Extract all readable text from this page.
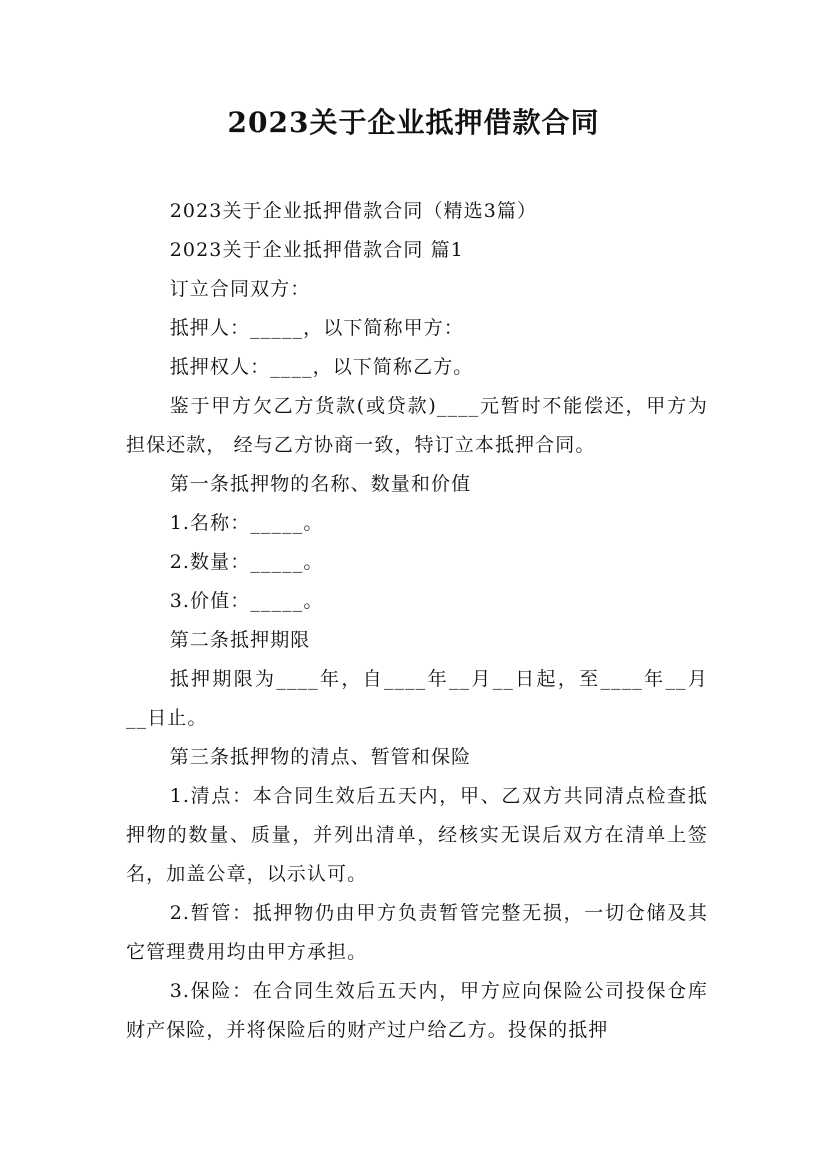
2023关于企业抵押借款合同

2023关于企业抵押借款合同（精选3篇）

2023关于企业抵押借款合同 篇1

订立合同双方：

抵押人：_____，以下简称甲方：

抵押权人：____，以下简称乙方。

鉴于甲方欠乙方货款(或贷款)____元暂时不能偿还，甲方为担保还款， 经与乙方协商一致，特订立本抵押合同。

第一条抵押物的名称、数量和价值

1.名称：_____。

2.数量：_____。

3.价值：_____。

第二条抵押期限

抵押期限为____年，自____年__月__日起，至____年__月 __日止。

第三条抵押物的清点、暂管和保险

1.清点：本合同生效后五天内，甲、乙双方共同清点检查抵押物的数量、质量，并列出清单，经核实无误后双方在清单上签名，加盖公章，以示认可。

2.暂管：抵押物仍由甲方负责暂管完整无损，一切仓储及其它管理费用均由甲方承担。

3.保险：在合同生效后五天内，甲方应向保险公司投保仓库财产保险，并将保险后的财产过户给乙方。投保的抵押
